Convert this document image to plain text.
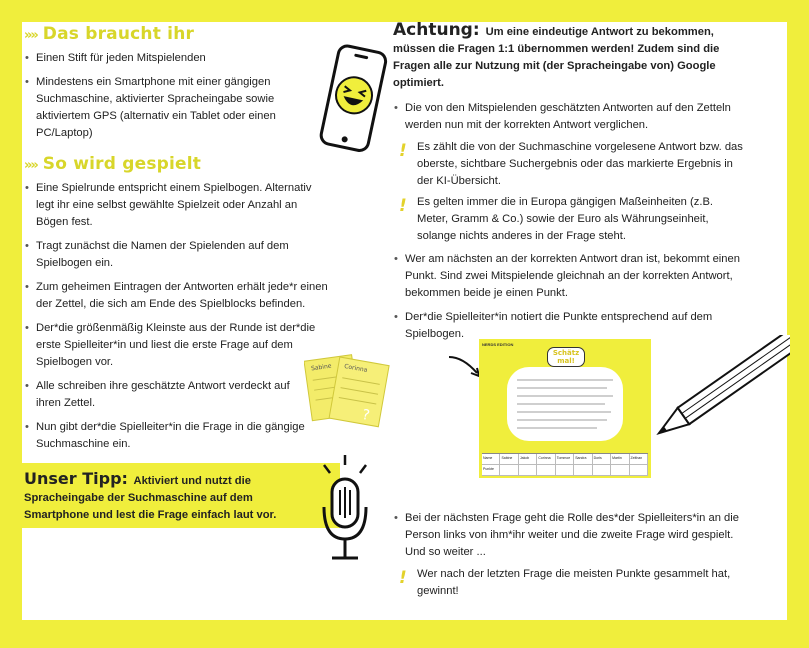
»» Das braucht ihr
• Einen Stift für jeden Mitspielenden
• Mindestens ein Smartphone mit einer gängigen Suchmaschine, aktivierter Spracheingabe sowie aktiviertem GPS (alternativ ein Tablet oder einen PC/Laptop)
»» So wird gespielt
• Eine Spielrunde entspricht einem Spielbogen. Alternativ legt ihr eine selbst gewählte Spielzeit oder Anzahl an Bögen fest.
• Tragt zunächst die Namen der Spielenden auf dem Spielbogen ein.
• Zum geheimen Eintragen der Antworten erhält jede*r einen der Zettel, die sich am Ende des Spielblocks befinden.
• Der*die größenmäßig Kleinste aus der Runde ist der*die erste Spielleiter*in und liest die erste Frage auf dem Spielbogen vor.
• Alle schreiben ihre geschätzte Antwort verdeckt auf ihren Zettel.
• Nun gibt der*die Spielleiter*in die Frage in die gängige Suchmaschine ein.
Unser Tipp: Aktiviert und nutzt die Spracheingabe der Suchmaschine auf dem Smartphone und lest die Frage einfach laut vor.
Sabine Corinna
?
Achtung: Um eine eindeutige Antwort zu bekommen, müssen die Fragen 1:1 übernommen werden! Zudem sind die Fragen alle zur Nutzung mit (der Spracheingabe von) Google optimiert.
• Die von den Mitspielenden geschätzten Antworten auf den Zetteln werden nun mit der korrekten Antwort verglichen.
! Es zählt die von der Suchmaschine vorgelesene Antwort bzw. das oberste, sichtbare Suchergebnis oder das markierte Ergebnis in der KI-Übersicht.
! Es gelten immer die in Europa gängigen Maßeinheiten (z.B. Meter, Gramm & Co.) sowie der Euro als Währungseinheit, solange nichts anderes in der Frage steht.
• Wer am nächsten an der korrekten Antwort dran ist, bekommt einen Punkt. Sind zwei Mitspielende gleichnah an der korrekten Antwort, bekommen beide je einen Punkt.
• Der*die Spielleiter*in notiert die Punkte entsprechend auf dem Spielbogen.
• Bei der nächsten Frage geht die Rolle des*der Spielleiters*in an die Person links von ihm*ihr weiter und die zweite Frage wird gespielt. Und so weiter ...
! Wer nach der letzten Frage die meisten Punkte gesammelt hat, gewinnt!
NERDS EDITION
Schätz mal!
Name	Sabine	Jakob	Corinna	Tommoe	Sandra	Doris	Martin	Zeithan
Punkte
